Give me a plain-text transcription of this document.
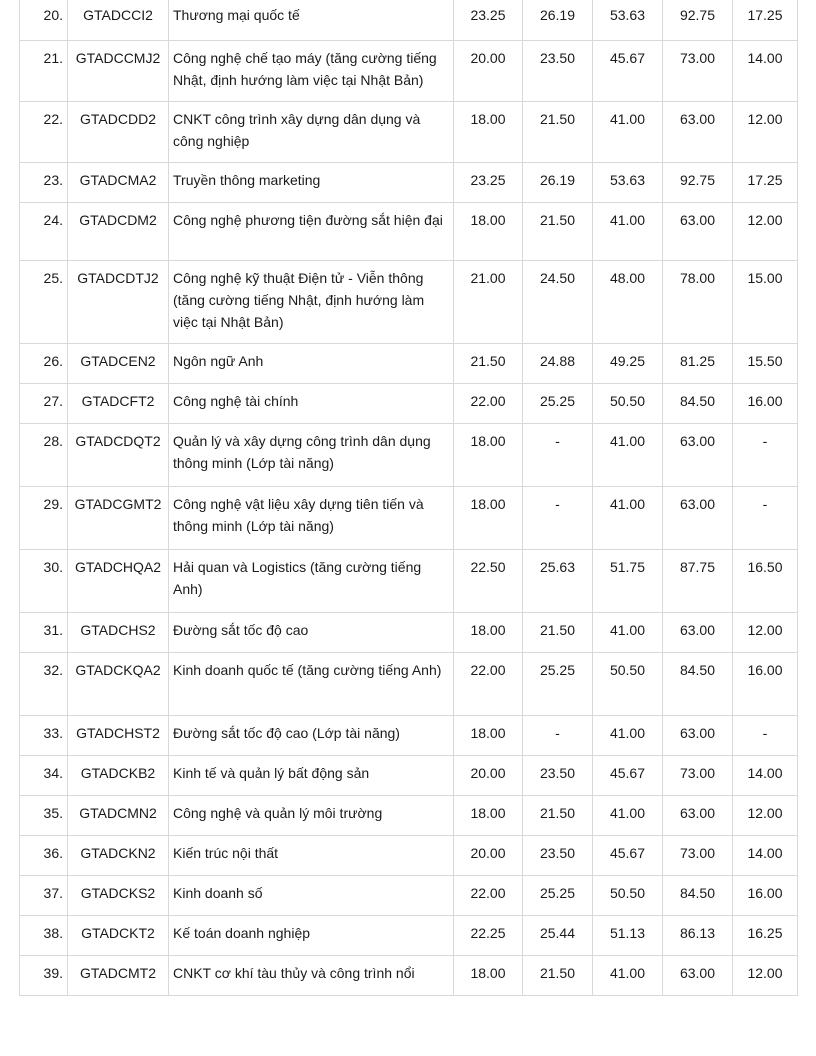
20.	GTADCCI2	Thương mại quốc tế	23.25	26.19	53.63	92.75	17.25
21.	GTADCCMJ2	Công nghệ chế tạo máy (tăng cường tiếng Nhật, định hướng làm việc tại Nhật Bản)	20.00	23.50	45.67	73.00	14.00
22.	GTADCDD2	CNKT công trình xây dựng dân dụng và công nghiệp	18.00	21.50	41.00	63.00	12.00
23.	GTADCMA2	Truyền thông marketing	23.25	26.19	53.63	92.75	17.25
24.	GTADCDM2	Công nghệ phương tiện đường sắt hiện đại	18.00	21.50	41.00	63.00	12.00
25.	GTADCDTJ2	Công nghệ kỹ thuật Điện tử - Viễn thông (tăng cường tiếng Nhật, định hướng làm việc tại Nhật Bản)	21.00	24.50	48.00	78.00	15.00
26.	GTADCEN2	Ngôn ngữ Anh	21.50	24.88	49.25	81.25	15.50
27.	GTADCFT2	Công nghệ tài chính	22.00	25.25	50.50	84.50	16.00
28.	GTADCDQT2	Quản lý và xây dựng công trình dân dụng thông minh (Lớp tài năng)	18.00	-	41.00	63.00	-
29.	GTADCGMT2	Công nghệ vật liệu xây dựng tiên tiến và thông minh (Lớp tài năng)	18.00	-	41.00	63.00	-
30.	GTADCHQA2	Hải quan và Logistics (tăng cường tiếng Anh)	22.50	25.63	51.75	87.75	16.50
31.	GTADCHS2	Đường sắt tốc độ cao	18.00	21.50	41.00	63.00	12.00
32.	GTADCKQA2	Kinh doanh quốc tế (tăng cường tiếng Anh)	22.00	25.25	50.50	84.50	16.00
33.	GTADCHST2	Đường sắt tốc độ cao (Lớp tài năng)	18.00	-	41.00	63.00	-
34.	GTADCKB2	Kinh tế và quản lý bất động sản	20.00	23.50	45.67	73.00	14.00
35.	GTADCMN2	Công nghệ và quản lý môi trường	18.00	21.50	41.00	63.00	12.00
36.	GTADCKN2	Kiến trúc nội thất	20.00	23.50	45.67	73.00	14.00
37.	GTADCKS2	Kinh doanh số	22.00	25.25	50.50	84.50	16.00
38.	GTADCKT2	Kế toán doanh nghiệp	22.25	25.44	51.13	86.13	16.25
39.	GTADCMT2	CNKT cơ khí tàu thủy và công trình nổi	18.00	21.50	41.00	63.00	12.00
